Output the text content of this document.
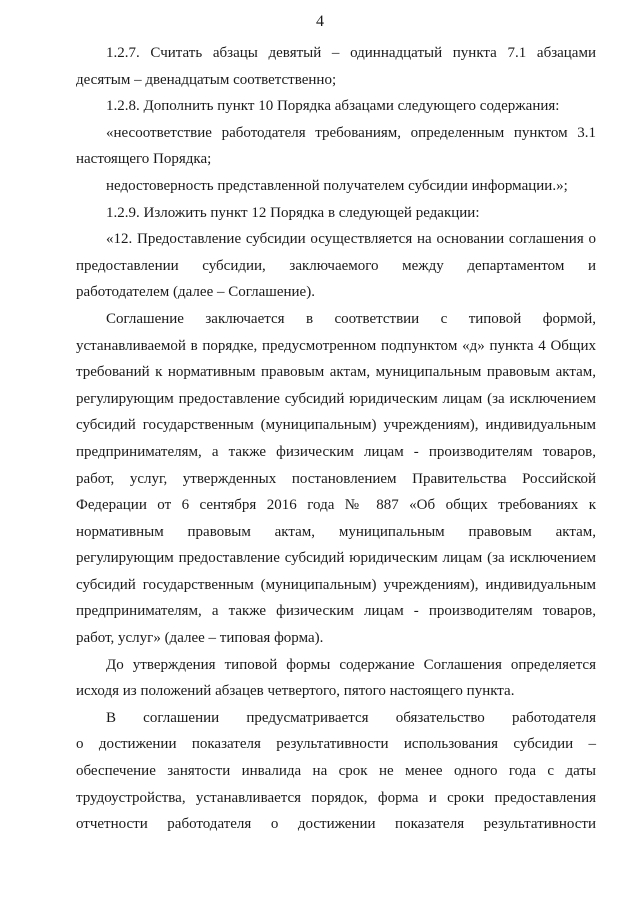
4
1.2.7. Считать абзацы девятый – одиннадцатый пункта 7.1 абзацами
десятым – двенадцатым соответственно;
1.2.8. Дополнить пункт 10 Порядка абзацами следующего содержания:
«несоответствие работодателя требованиям, определенным пунктом 3.1
настоящего Порядка;
недостоверность представленной получателем субсидии информации.»;
1.2.9. Изложить пункт 12 Порядка в следующей редакции:
«12. Предоставление субсидии осуществляется на основании соглашения о
предоставлении субсидии, заключаемого между департаментом и
работодателем (далее – Соглашение).
Соглашение заключается в соответствии с типовой формой,
устанавливаемой в порядке, предусмотренном подпунктом «д» пункта 4 Общих
требований к нормативным правовым актам, муниципальным правовым актам,
регулирующим предоставление субсидий юридическим лицам (за исключением
субсидий государственным (муниципальным) учреждениям), индивидуальным
предпринимателям, а также физическим лицам - производителям товаров,
работ, услуг, утвержденных постановлением Правительства Российской
Федерации от 6 сентября 2016 года № 887 «Об общих требованиях к
нормативным правовым актам, муниципальным правовым актам,
регулирующим предоставление субсидий юридическим лицам (за исключением
субсидий государственным (муниципальным) учреждениям), индивидуальным
предпринимателям, а также физическим лицам - производителям товаров,
работ, услуг» (далее – типовая форма).
До утверждения типовой формы содержание Соглашения определяется
исходя из положений абзацев четвертого, пятого настоящего пункта.
В соглашении предусматривается обязательство работодателя
о достижении показателя результативности использования субсидии –
обеспечение занятости инвалида на срок не менее одного года с даты
трудоустройства, устанавливается порядок, форма и сроки предоставления
отчетности работодателя о достижении показателя результативности
